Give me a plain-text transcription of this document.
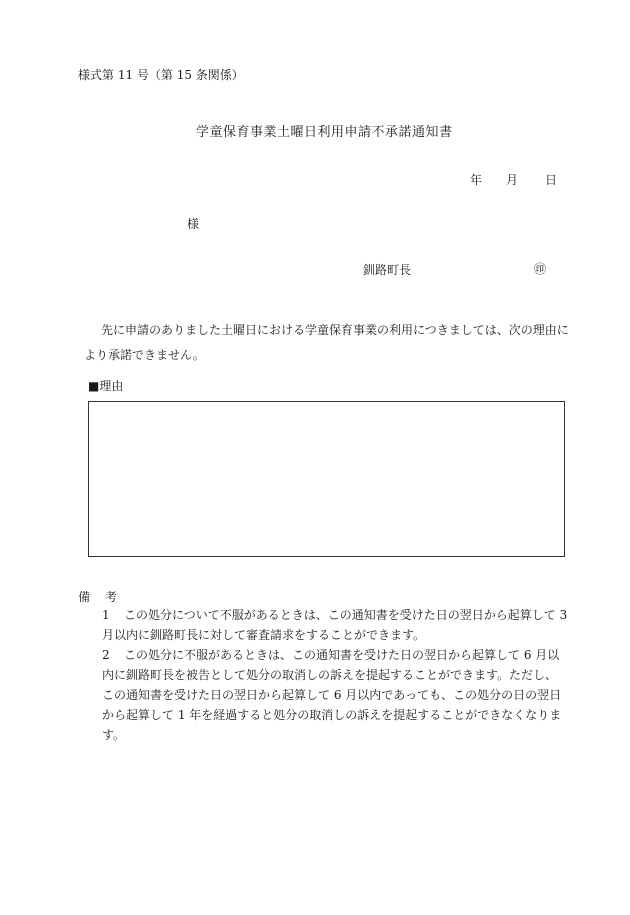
様式第 11 号（第 15 条関係）
学童保育事業土曜日利用申請不承諾通知書
年 月 日
様
釧路町長	㊞
先に申請のありました土曜日における学童保育事業の利用につきましては、次の理由により承諾できません。
■理由
備 考
1 この処分について不服があるときは、この通知書を受けた日の翌日から起算して 3 月以内に釧路町長に対して審査請求をすることができます。
2 この処分に不服があるときは、この通知書を受けた日の翌日から起算して 6 月以内に釧路町長を被告として処分の取消しの訴えを提起することができます。ただし、この通知書を受けた日の翌日から起算して 6 月以内であっても、この処分の日の翌日から起算して 1 年を経過すると処分の取消しの訴えを提起することができなくなります。
